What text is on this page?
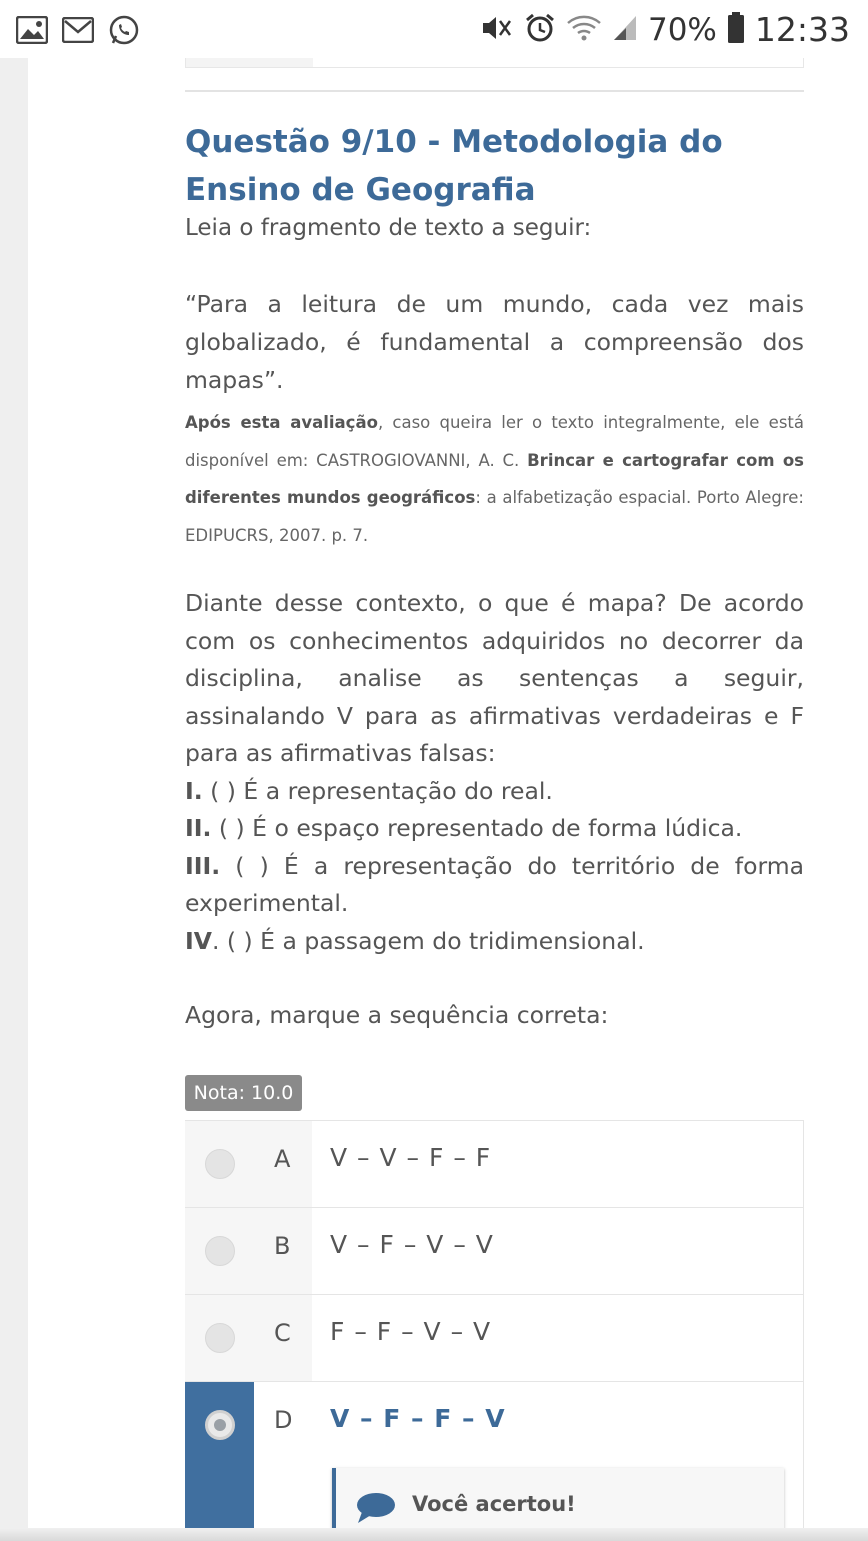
70% 12:33
Questão 9/10 - Metodologia do Ensino de Geografia

Leia o fragmento de texto a seguir:

“Para a leitura de um mundo, cada vez mais globalizado, é fundamental a compreensão dos mapas”.

Após esta avaliação, caso queira ler o texto integralmente, ele está disponível em: CASTROGIOVANNI, A. C. Brincar e cartografar com os diferentes mundos geográficos: a alfabetização espacial. Porto Alegre: EDIPUCRS, 2007. p. 7.

Diante desse contexto, o que é mapa? De acordo com os conhecimentos adquiridos no decorrer da disciplina, analise as sentenças a seguir, assinalando V para as afirmativas verdadeiras e F para as afirmativas falsas:
I. ( ) É a representação do real.
II. ( ) É o espaço representado de forma lúdica.
III. ( ) É a representação do território de forma experimental.
IV. ( ) É a passagem do tridimensional.

Agora, marque a sequência correta:

Nota: 10.0
A V – V – F – F
B V – F – V – V
C F – F – V – V
D V – F – F – V
Você acertou!
